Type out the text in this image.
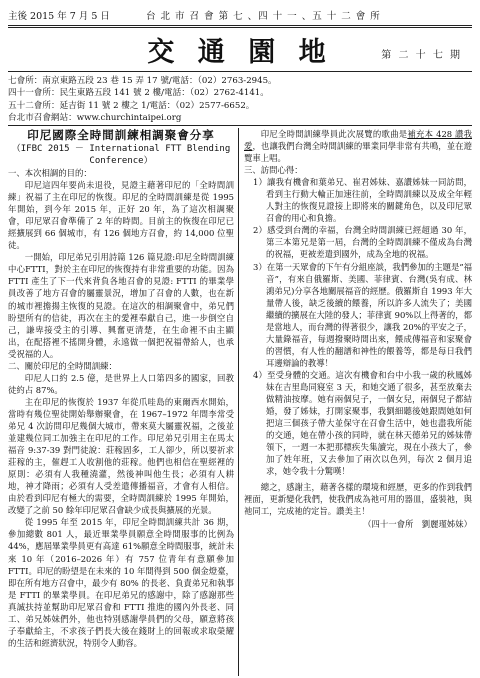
主後 2015 年 7 月 5 日	台 北 市 召 會 第 七 、四 十 一 、五 十 二 會 所
交 通 園 地	第 二 十 七 期
七會所：南京東路五段 23 巷 15 弄 17 號/電話：（02）2763-2945。
四十一會所：民生東路五段 141 號 2 樓/電話：（02）2762-4141。
五十二會所：延吉街 11 號 2 樓之 1/電話：（02）2577-6652。
台北市召會網站：www.churchintaipei.org
印尼國際全時間訓練相調聚會分享
（IFBC 2015 － International FTT Blending
Conference）
一、本次相調的目的：

印尼這四年要尚未退役，見證主藉著印尼的「全時間訓練」祝福了主在印尼的恢復。印尼的全時間訓練是從 1995 年開始，到今年 2015 年，正好 20 年，為了這次相調聚會，印尼眾召會準備了 2 年的時間。目前主的恢復在印尼已經擴展到 66 個城市，有 126 個地方召會，約 14,000 位聖徒。

一開始，印尼弟兄引用詩篇 126 篇見證:印尼全時間訓練中心FTTI，對於主在印尼的恢復持有非常重要的功能。因為 FTTI 產生了下一代來背負各地召會的見證: FTTI 的畢業學員改善了地方召會的屬靈景況，增加了召會的人數，也在新的城市裡擔揚主恢復的見證。在這次的相調聚會中，弟兄們盼望所有的信徒，再次在主的愛裡奉獻自己，進一步倒空自己，謙卑接受主的引導、興奮更清楚，在生命裡不由主顯出，在配搭裡不搖開身體，永遠做一個把祝福帶給人，也承受祝福的人。

二、關於印尼的全時間訓練：

印尼人口約 2.5 億，是世界上人口第四多的國家，回教徒約占 87%。

主在印尼的恢復於 1937 年從爪哇島的東爾西水開始，當時有幾位聖徒開始舉辦聚會，在 1967–1972 年間李常受弟兄 4 次訪問印尼幾個大城市，帶來莫大屬靈祝福，之後並並建幾位同工加強主在印尼的工作。印尼弟兄引用主在馬太福音 9:37-39 對門徒說：莊稼固多，工人卻少，所以要祈求莊稼的主，催趕工人收割他的莊稼。他們也相信在聖經裡的原則：必須有人我種澆灌，然後神叫他生長；必須有人耕地，神才降雨；必須有人受差遣傳播福音，才會有人相信。由於看到印尼有極大的需要，全時間訓練於 1995 年開始，改變了之前 50 餘年印尼眾召會缺少成長與擴展的光景。

從 1995 年至 2015 年，印尼全時間訓練共計 36 期，參加總數 801 人，最近畢業學員願意全時間服事的比例為 44%，應屆畢業學員更有高達 61%願意全時間服事，統計未來 10 年（2016–2026 年）有 757 位青年有意願參加 FTTI。印尼的盼望是在未來的 10 年間得到 500 個金燈臺，即在所有地方召會中，最少有 80% 的長老、負責弟兄和執事是 FTTI 的畢業學員。在印尼弟兄的感謝中，除了感謝那些真誠扶持並幫助印尼眾召會和 FTTI 推進的國內外長老、同工、弟兄姊妹們外，他也特別感謝學員們的父母，願意將孩子奉獻給主，不求孩子們長大後在錢財上的回報或求取榮耀的生活和經濟狀況，特別令人動容。

印尼全時間訓練學員此次展覽的歌曲是補充本 428 讚我愛，也讓我們台灣全時間訓練的畢業同學非常有共鳴，並在遊覽車上唱。

三、訪問心得：

1）讓我有機會和葉弟兄、崔君姊妹、嘉讚姊妹一同訪問，看到主行動大輪正加速往前，全時間訓練以及成全年輕人對主的恢復見證接上即將來的關鍵角色，以及印尼眾召會的用心和負擔。

2）感受到台灣的幸福，台灣全時間訓練已經超過 30 年，第三本第兄是第一屆，台灣的全時間訓練不僅成為台灣的祝福，更被差遣到國外，成為全地的祝福。

3）在第一天眾會的下午有分組座談，我們參加的主題是”福音”，有來自俄羅斯、美國、菲律賓、台灣(吳有成、林鴻弟兄)分享各地關展福音的經歷。俄羅斯自 1993 年大量帶人後，缺乏後續的餵養，所以許多人流失了；美國繼續的擴展在大陸的發人；菲律賓 90%以上得著的，都是當地人，而台灣的得著很少，讓我 20%的平安之子，大量錄福音，每週撥聚時間出來，餵成傳福音和家聚會的習慣，有人性的翻譜和神性的餵養等，都是每日我們耳邊辯論的教導！

4）至受身體的交通。這次有機會和台中小我一歲的秋鳳姊妹在吉里島同寢室 3 天，和她交通了很多，甚至放棄去做精油按摩。她有兩個兒子，一個女兒，兩個兒子都結婚，發了姊妹，打開家聚事，我劉細聽後她跟間她如何把這三個孩子帶大並保守在召會生活中，她也盡我所能的交通，她在帶小孩的同時，就在林天德弟兄的姊妹帶領下，一週一本把那標疾失集讀完，現在小孩大了，參加了姓年班，又去參加了兩次以色列，每次 2 個月追求，她令我十分驚嘆！

總之，感謝主，藉著各樣的環境和經歷，更多的作到我們裡面，更新變化我們，使我們成為祂可用的器皿，盛裝祂，與祂同工，完成祂的定旨。讚美主！

（四十一會所　劉麗瑾姊妹）
